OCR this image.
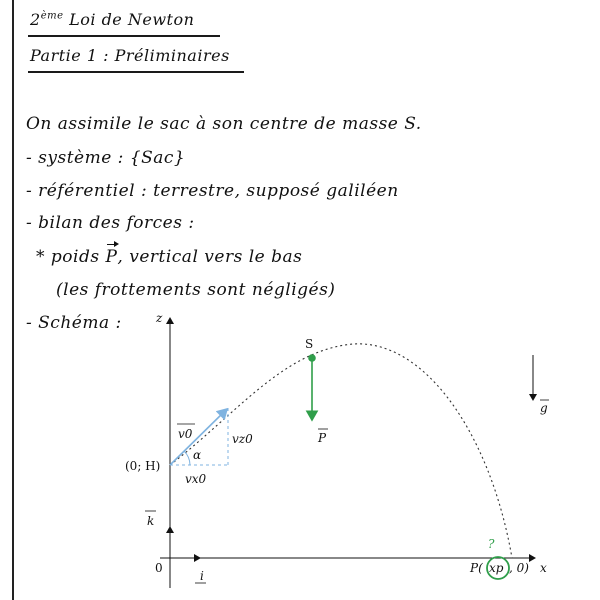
2ème Loi de Newton
Partie 1 : Préliminaires
On assimile le sac à son centre de masse S.
- système : {Sac}
- référentiel : terrestre, supposé galiléen
- bilan des forces :
* poids P, vertical vers le bas
(les frottements sont négligés)
- Schéma :	z
x
0
i
k
(0; H)
α
v0	vz0
vx0
S
P
g
?
P( xp , 0)
